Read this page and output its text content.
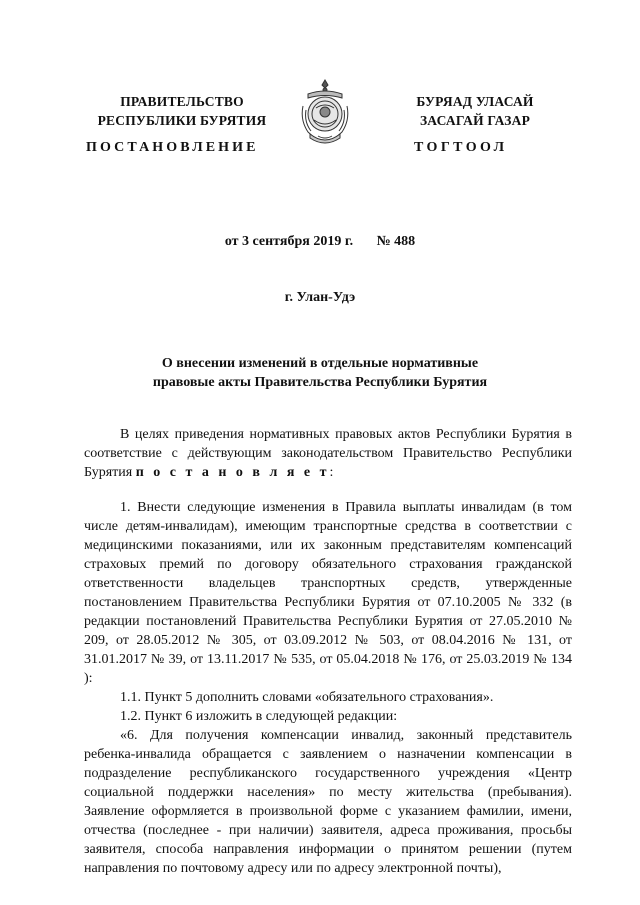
ПРАВИТЕЛЬСТВО
РЕСПУБЛИКИ БУРЯТИЯ
БУРЯАД УЛАСАЙ
ЗАСАГАЙ ГАЗАР
ПОСТАНОВЛЕНИЕ	ТОГТООЛ
от 3 сентября 2019 г. № 488
г. Улан-Удэ
О внесении изменений в отдельные нормативные
правовые акты Правительства Республики Бурятия

В целях приведения нормативных правовых актов Республики Бурятия в соответствие с действующим законодательством Правительство Республики Бурятия п о с т а н о в л я е т:

1. Внести следующие изменения в Правила выплаты инвалидам (в том числе детям-инвалидам), имеющим транспортные средства в соответствии с медицинскими показаниями, или их законным представителям компенсаций страховых премий по договору обязательного страхования гражданской ответственности владельцев транспортных средств, утвержденные постановлением Правительства Республики Бурятия от 07.10.2005 № 332 (в редакции постановлений Правительства Республики Бурятия от 27.05.2010 № 209, от 28.05.2012 № 305, от 03.09.2012 № 503, от 08.04.2016 № 131, от 31.01.2017 № 39, от 13.11.2017 № 535, от 05.04.2018 № 176, от 25.03.2019 № 134 ):

1.1. Пункт 5 дополнить словами «обязательного страхования».

1.2. Пункт 6 изложить в следующей редакции:

«6. Для получения компенсации инвалид, законный представитель ребенка-инвалида обращается с заявлением о назначении компенсации в подразделение республиканского государственного учреждения «Центр социальной поддержки населения» по месту жительства (пребывания). Заявление оформляется в произвольной форме с указанием фамилии, имени, отчества (последнее - при наличии) заявителя, адреса проживания, просьбы заявителя, способа направления информации о принятом решении (путем направления по почтовому адресу или по адресу электронной почты),
